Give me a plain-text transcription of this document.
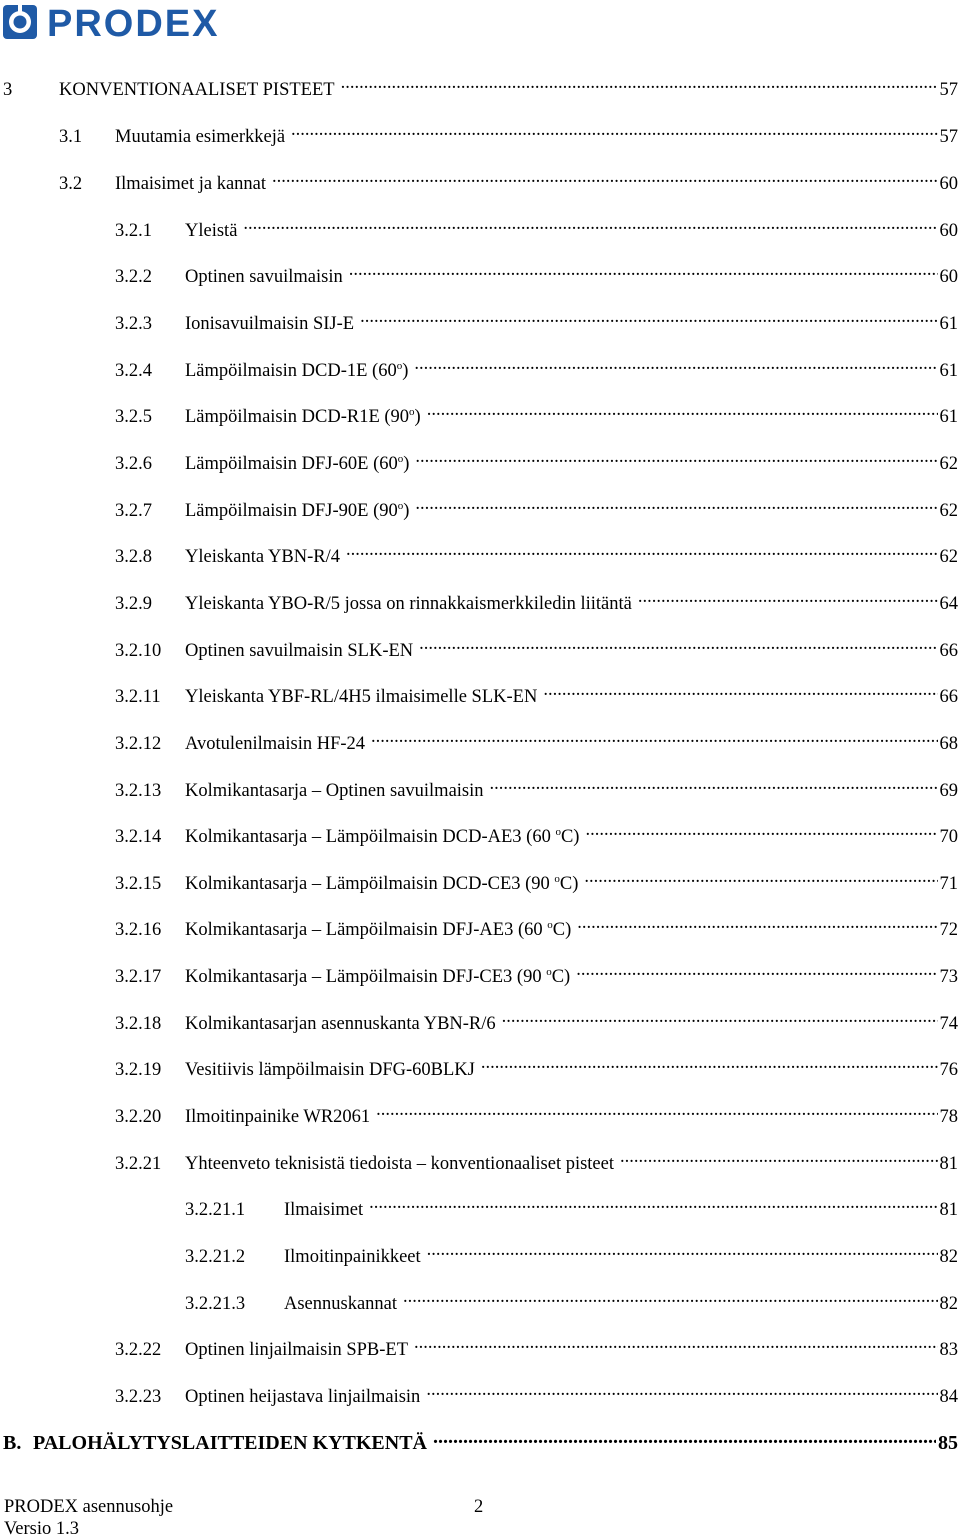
PRODEX
3	KONVENTIONAALISET PISTEET .....	57
3.1	Muutamia esimerkkejä .....	57
3.2	Ilmaisimet ja kannat .....	60
3.2.1	Yleistä .....	60
3.2.2	Optinen savuilmaisin .....	60
3.2.3	Ionisavuilmaisin SIJ-E .....	61
3.2.4	Lämpöilmaisin DCD-1E (60$^o$) .....	61
3.2.5	Lämpöilmaisin DCD-R1E (90$^o$) .....	61
3.2.6	Lämpöilmaisin DFJ-60E (60$^o$) .....	62
3.2.7	Lämpöilmaisin DFJ-90E (90$^o$) .....	62
3.2.8	Yleiskanta YBN-R/4 .....	62
3.2.9	Yleiskanta YBO-R/5 jossa on rinnakkaismerkkiledin liitäntä .....	64
3.2.10	Optinen savuilmaisin SLK-EN .....	66
3.2.11	Yleiskanta YBF-RL/4H5 ilmaisimelle SLK-EN .....	66
3.2.12	Avotulenilmaisin HF-24 .....	68
3.2.13	Kolmikantasarja – Optinen savuilmaisin .....	69
3.2.14	Kolmikantasarja – Lämpöilmaisin DCD-AE3 (60 $^o$C) .....	70
3.2.15	Kolmikantasarja – Lämpöilmaisin DCD-CE3 (90 $^o$C) .....	71
3.2.16	Kolmikantasarja – Lämpöilmaisin DFJ-AE3 (60 $^o$C) .....	72
3.2.17	Kolmikantasarja – Lämpöilmaisin DFJ-CE3 (90 $^o$C) .....	73
3.2.18	Kolmikantasarjan asennuskanta YBN-R/6 .....	74
3.2.19	Vesitiivis lämpöilmaisin DFG-60BLKJ .....	76
3.2.20	Ilmoitinpainike WR2061 .....	78
3.2.21	Yhteenveto teknisistä tiedoista – konventionaaliset pisteet .....	81
3.2.21.1	Ilmaisimet .....	81
3.2.21.2	Ilmoitinpainikkeet .....	82
3.2.21.3	Asennuskannat .....	82
3.2.22	Optinen linjailmaisin SPB-ET .....	83
3.2.23	Optinen heijastava linjailmaisin .....	84
B. PALOHÄLYTYSLAITTEIDEN KYTKENTÄ .....	85
PRODEX asennusohje
Versio 1.3
2
